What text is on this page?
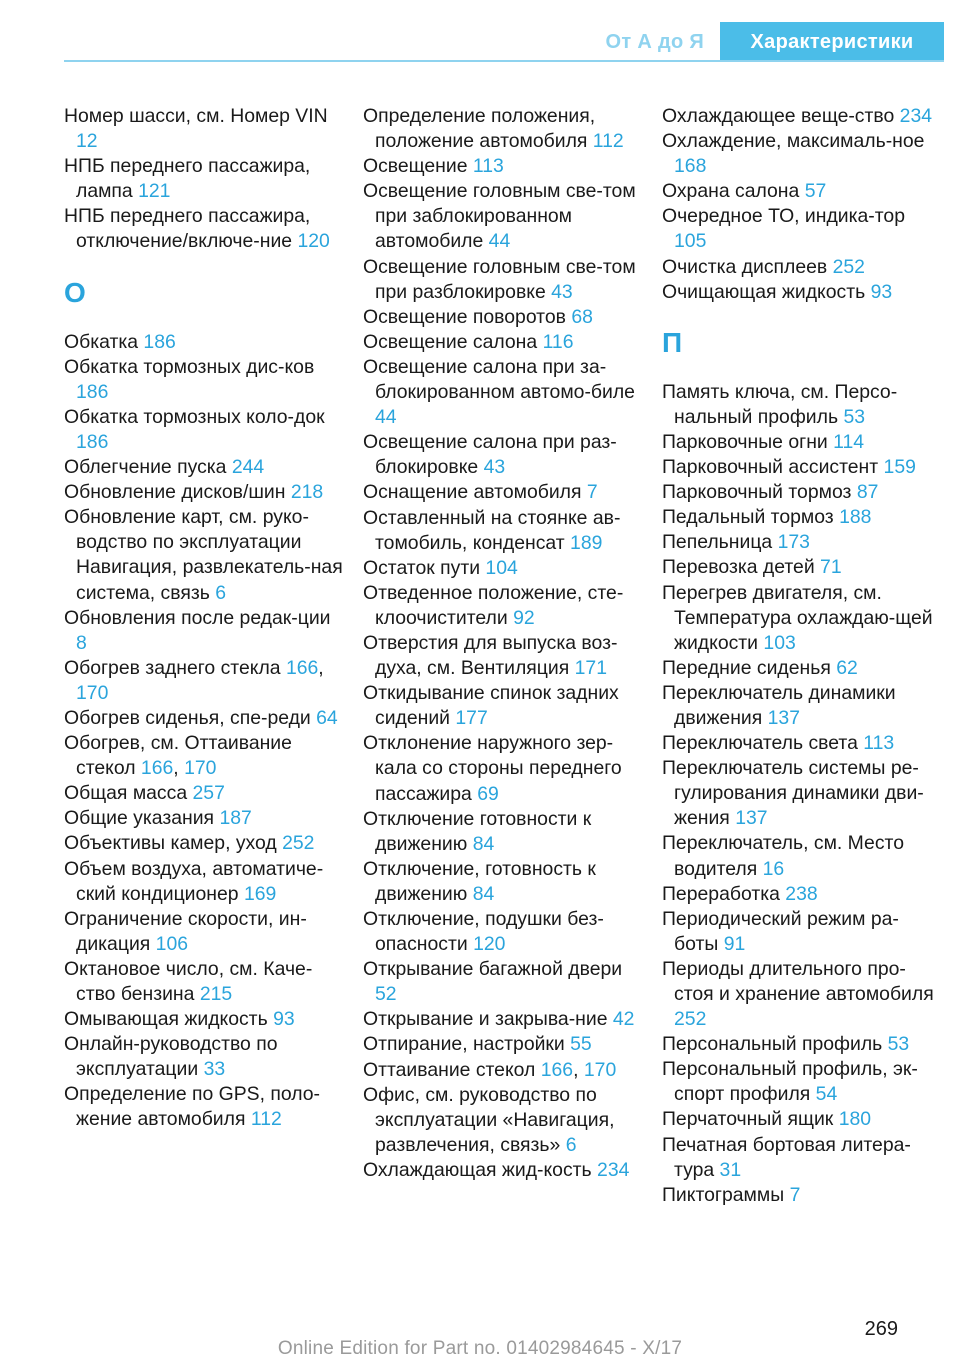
От А до Я	Характеристики
Номер шасси, см. Номер VIN 12
НПБ переднего пассажира, лампа 121
НПБ переднего пассажира, отключение/включе-ние 120
О
Обкатка 186
Обкатка тормозных дис-ков 186
Обкатка тормозных коло-док 186
Облегчение пуска 244
Обновление дисков/шин 218
Обновление карт, см. руко-водство по эксплуатации Навигация, развлекатель-ная система, связь 6
Обновления после редак-ции 8
Обогрев заднего стекла 166, 170
Обогрев сиденья, спе-реди 64
Обогрев, см. Оттаивание стекол 166, 170
Общая масса 257
Общие указания 187
Объективы камер, уход 252
Объем воздуха, автоматиче-ский кондиционер 169
Ограничение скорости, ин-дикация 106
Октановое число, см. Каче-ство бензина 215
Омывающая жидкость 93
Онлайн-руководство по эксплуатации 33
Определение по GPS, поло-жение автомобиля 112
Определение положения, положение автомобиля 112
Освещение 113
Освещение головным све-том при заблокированном автомобиле 44
Освещение головным све-том при разблокировке 43
Освещение поворотов 68
Освещение салона 116
Освещение салона при за-блокированном автомо-биле 44
Освещение салона при раз-блокировке 43
Оснащение автомобиля 7
Оставленный на стоянке ав-томобиль, конденсат 189
Остаток пути 104
Отведенное положение, сте-клоочистители 92
Отверстия для выпуска воз-духа, см. Вентиляция 171
Откидывание спинок задних сидений 177
Отклонение наружного зер-кала со стороны переднего пассажира 69
Отключение готовности к движению 84
Отключение, готовность к движению 84
Отключение, подушки без-опасности 120
Открывание багажной двери 52
Открывание и закрыва-ние 42
Отпирание, настройки 55
Оттаивание стекол 166, 170
Офис, см. руководство по эксплуатации «Навигация, развлечения, связь» 6
Охлаждающая жид-кость 234
Охлаждающее веще-ство 234
Охлаждение, максималь-ное 168
Охрана салона 57
Очередное ТО, индика-тор 105
Очистка дисплеев 252
Очищающая жидкость 93
П
Память ключа, см. Персо-нальный профиль 53
Парковочные огни 114
Парковочный ассистент 159
Парковочный тормоз 87
Педальный тормоз 188
Пепельница 173
Перевозка детей 71
Перегрев двигателя, см. Температура охлаждаю-щей жидкости 103
Передние сиденья 62
Переключатель динамики движения 137
Переключатель света 113
Переключатель системы ре-гулирования динамики дви-жения 137
Переключатель, см. Место водителя 16
Переработка 238
Периодический режим ра-боты 91
Периоды длительного про-стоя и хранение автомобиля 252
Персональный профиль 53
Персональный профиль, эк-спорт профиля 54
Перчаточный ящик 180
Печатная бортовая литера-тура 31
Пиктограммы 7
269
Online Edition for Part no. 01402984645 - X/17
